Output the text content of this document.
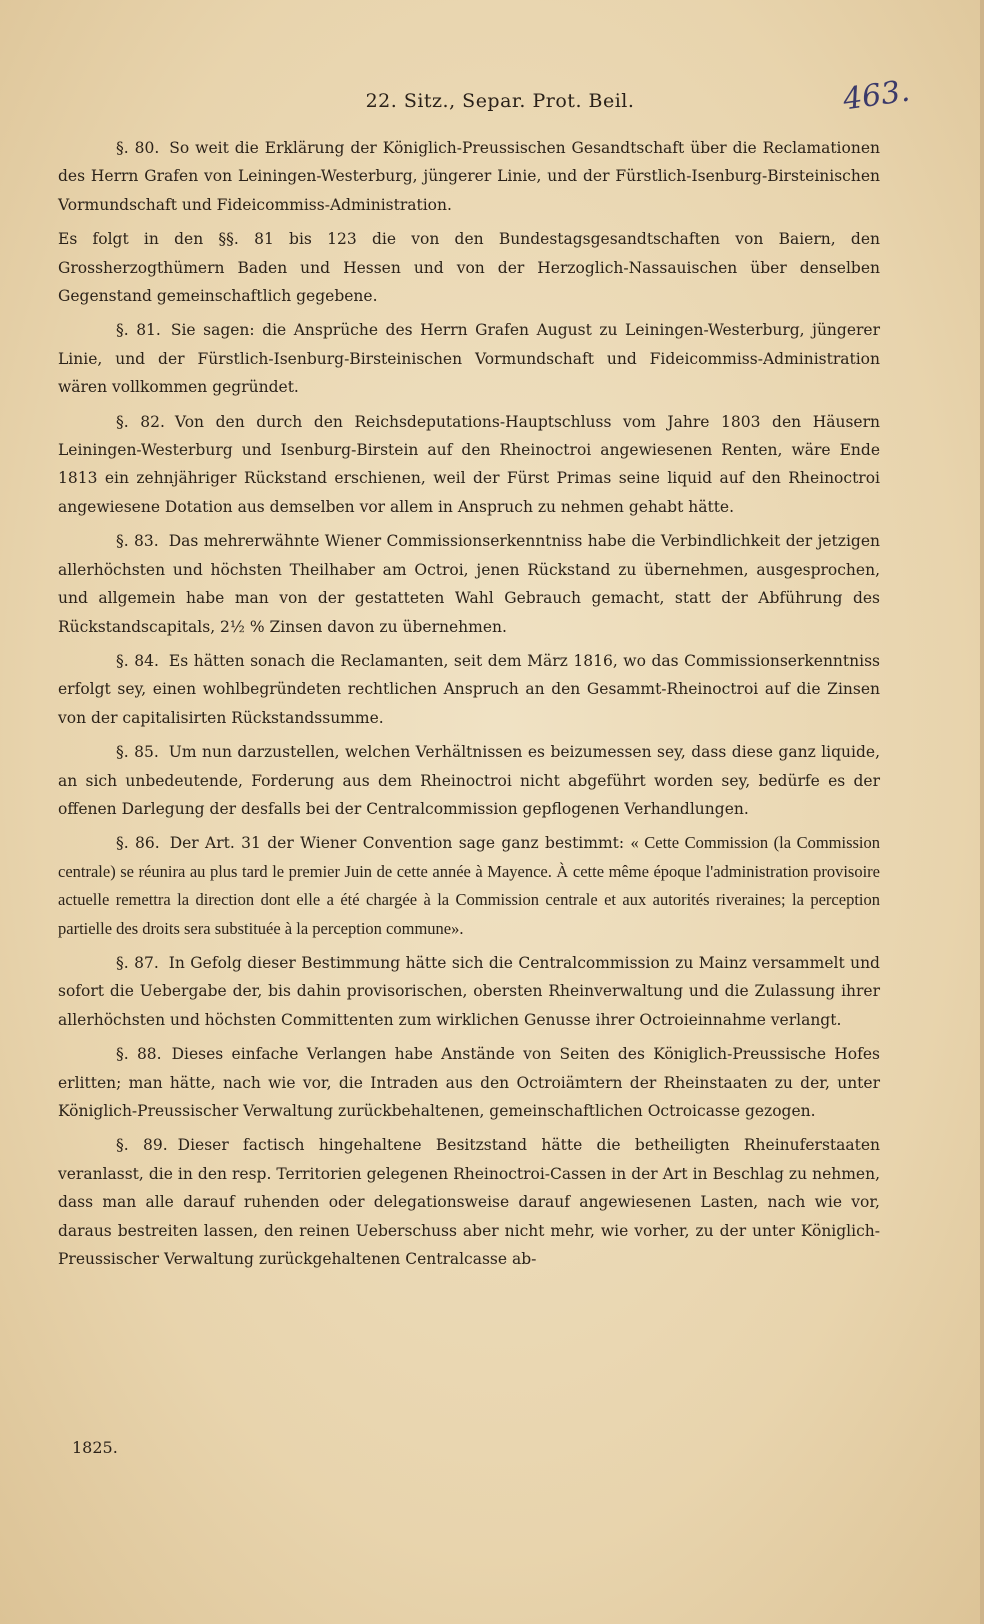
22. Sitz., Separ. Prot. Beil.	463.

§. 80. So weit die Erklärung der Königlich-Preussischen Gesandtschaft über die Reclamationen des Herrn Grafen von Leiningen-Westerburg, jüngerer Linie, und der Fürstlich-Isenburg-Birsteinischen Vormundschaft und Fideicommiss-Administration.

Es folgt in den §§. 81 bis 123 die von den Bundestagsgesandtschaften von Baiern, den Grossherzogthümern Baden und Hessen und von der Herzoglich-Nassauischen über denselben Gegenstand gemeinschaftlich gegebene.

§. 81. Sie sagen: die Ansprüche des Herrn Grafen August zu Leiningen-Westerburg, jüngerer Linie, und der Fürstlich-Isenburg-Birsteinischen Vormundschaft und Fideicommiss-Administration wären vollkommen gegründet.

§. 82. Von den durch den Reichsdeputations-Hauptschluss vom Jahre 1803 den Häusern Leiningen-Westerburg und Isenburg-Birstein auf den Rheinoctroi angewiesenen Renten, wäre Ende 1813 ein zehnjähriger Rückstand erschienen, weil der Fürst Primas seine liquid auf den Rheinoctroi angewiesene Dotation aus demselben vor allem in Anspruch zu nehmen gehabt hätte.

§. 83. Das mehrerwähnte Wiener Commissionserkenntniss habe die Verbindlichkeit der jetzigen allerhöchsten und höchsten Theilhaber am Octroi, jenen Rückstand zu übernehmen, ausgesprochen, und allgemein habe man von der gestatteten Wahl Gebrauch gemacht, statt der Abführung des Rückstandscapitals, 2½ % Zinsen davon zu übernehmen.

§. 84. Es hätten sonach die Reclamanten, seit dem März 1816, wo das Commissionserkenntniss erfolgt sey, einen wohlbegründeten rechtlichen Anspruch an den Gesammt-Rheinoctroi auf die Zinsen von der capitalisirten Rückstandssumme.

§. 85. Um nun darzustellen, welchen Verhältnissen es beizumessen sey, dass diese ganz liquide, an sich unbedeutende, Forderung aus dem Rheinoctroi nicht abgeführt worden sey, bedürfe es der offenen Darlegung der desfalls bei der Centralcommission gepflogenen Verhandlungen.

§. 86. Der Art. 31 der Wiener Convention sage ganz bestimmt: « Cette Commission (la Commission centrale) se réunira au plus tard le premier Juin de cette année à Mayence. À cette même époque l'administration provisoire actuelle remettra la direction dont elle a été chargée à la Commission centrale et aux autorités riveraines; la perception partielle des droits sera substituée à la perception commune».

§. 87. In Gefolg dieser Bestimmung hätte sich die Centralcommission zu Mainz versammelt und sofort die Uebergabe der, bis dahin provisorischen, obersten Rheinverwaltung und die Zulassung ihrer allerhöchsten und höchsten Committenten zum wirklichen Genusse ihrer Octroieinnahme verlangt.

§. 88. Dieses einfache Verlangen habe Anstände von Seiten des Königlich-Preussische Hofes erlitten; man hätte, nach wie vor, die Intraden aus den Octroiämtern der Rheinstaaten zu der, unter Königlich-Preussischer Verwaltung zurückbehaltenen, gemeinschaftlichen Octroicasse gezogen.

§. 89. Dieser factisch hingehaltene Besitzstand hätte die betheiligten Rheinuferstaaten veranlasst, die in den resp. Territorien gelegenen Rheinoctroi-Cassen in der Art in Beschlag zu nehmen, dass man alle darauf ruhenden oder delegationsweise darauf angewiesenen Lasten, nach wie vor, daraus bestreiten lassen, den reinen Ueberschuss aber nicht mehr, wie vorher, zu der unter Königlich-Preussischer Verwaltung zurückgehaltenen Centralcasse ab-

1825.
